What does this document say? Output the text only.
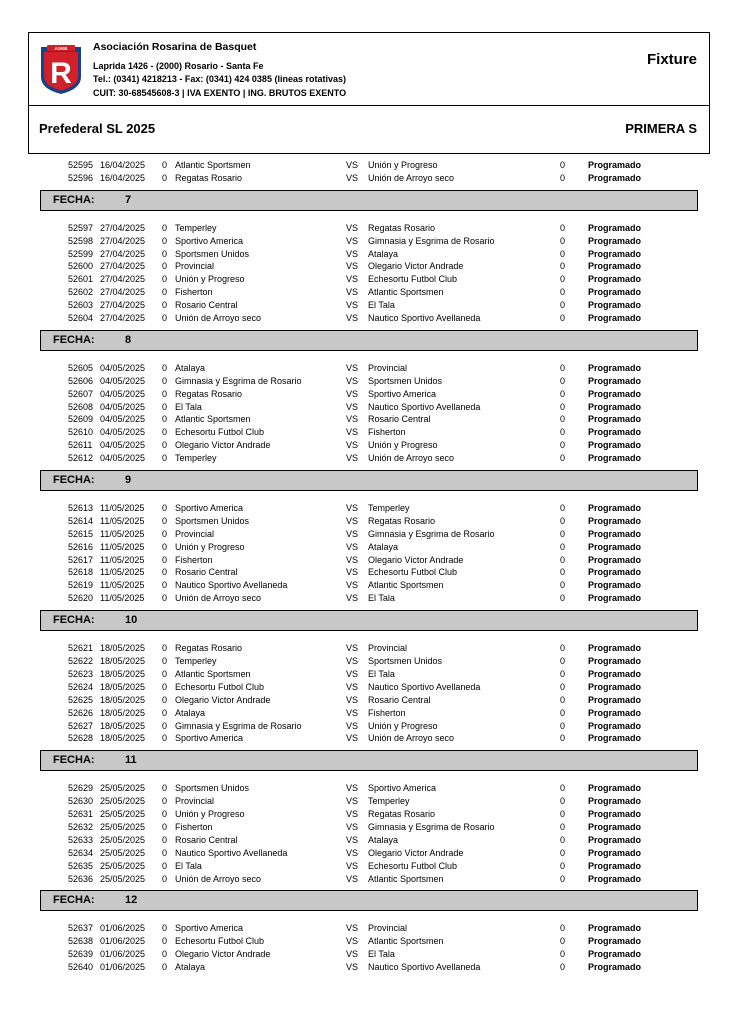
ASRB
R
Asociación Rosarina de Basquet
Laprida 1426 - (2000) Rosario - Santa Fe
Tel.: (0341) 4218213 - Fax: (0341) 424 0385 (lineas rotativas)
CUIT: 30-68545608-3 | IVA EXENTO | ING. BRUTOS EXENTO
Fixture
Prefederal SL 2025	PRIMERA S
52595 16/04/2025 0 Atlantic Sportsmen	VS Unión y Progreso	0	Programado
52596 16/04/2025 0 Regatas Rosario	VS Unión de Arroyo seco	0	Programado
FECHA:	7
52597 27/04/2025 0 Temperley	VS Regatas Rosario	0	Programado
52598 27/04/2025 0 Sportivo America	VS Gimnasia y Esgrima de Rosario	0	Programado
52599 27/04/2025 0 Sportsmen Unidos	VS Atalaya	0	Programado
52600 27/04/2025 0 Provincial	VS Olegario Victor Andrade	0	Programado
52601 27/04/2025 0 Unión y Progreso	VS Echesortu Futbol Club	0	Programado
52602 27/04/2025 0 Fisherton	VS Atlantic Sportsmen	0	Programado
52603 27/04/2025 0 Rosario Central	VS El Tala	0	Programado
52604 27/04/2025 0 Unión de Arroyo seco	VS Nautico Sportivo Avellaneda	0	Programado
FECHA:	8
52605 04/05/2025 0 Atalaya	VS Provincial	0	Programado
52606 04/05/2025 0 Gimnasia y Esgrima de Rosario	VS Sportsmen Unidos	0	Programado
52607 04/05/2025 0 Regatas Rosario	VS Sportivo America	0	Programado
52608 04/05/2025 0 El Tala	VS Nautico Sportivo Avellaneda	0	Programado
52609 04/05/2025 0 Atlantic Sportsmen	VS Rosario Central	0	Programado
52610 04/05/2025 0 Echesortu Futbol Club	VS Fisherton	0	Programado
52611 04/05/2025 0 Olegario Victor Andrade	VS Unión y Progreso	0	Programado
52612 04/05/2025 0 Temperley	VS Unión de Arroyo seco	0	Programado
FECHA:	9
52613 11/05/2025 0 Sportivo America	VS Temperley	0	Programado
52614 11/05/2025 0 Sportsmen Unidos	VS Regatas Rosario	0	Programado
52615 11/05/2025 0 Provincial	VS Gimnasia y Esgrima de Rosario	0	Programado
52616 11/05/2025 0 Unión y Progreso	VS Atalaya	0	Programado
52617 11/05/2025 0 Fisherton	VS Olegario Victor Andrade	0	Programado
52618 11/05/2025 0 Rosario Central	VS Echesortu Futbol Club	0	Programado
52619 11/05/2025 0 Nautico Sportivo Avellaneda	VS Atlantic Sportsmen	0	Programado
52620 11/05/2025 0 Unión de Arroyo seco	VS El Tala	0	Programado
FECHA:	10
52621 18/05/2025 0 Regatas Rosario	VS Provincial	0	Programado
52622 18/05/2025 0 Temperley	VS Sportsmen Unidos	0	Programado
52623 18/05/2025 0 Atlantic Sportsmen	VS El Tala	0	Programado
52624 18/05/2025 0 Echesortu Futbol Club	VS Nautico Sportivo Avellaneda	0	Programado
52625 18/05/2025 0 Olegario Victor Andrade	VS Rosario Central	0	Programado
52626 18/05/2025 0 Atalaya	VS Fisherton	0	Programado
52627 18/05/2025 0 Gimnasia y Esgrima de Rosario	VS Unión y Progreso	0	Programado
52628 18/05/2025 0 Sportivo America	VS Unión de Arroyo seco	0	Programado
FECHA:	11
52629 25/05/2025 0 Sportsmen Unidos	VS Sportivo America	0	Programado
52630 25/05/2025 0 Provincial	VS Temperley	0	Programado
52631 25/05/2025 0 Unión y Progreso	VS Regatas Rosario	0	Programado
52632 25/05/2025 0 Fisherton	VS Gimnasia y Esgrima de Rosario	0	Programado
52633 25/05/2025 0 Rosario Central	VS Atalaya	0	Programado
52634 25/05/2025 0 Nautico Sportivo Avellaneda	VS Olegario Victor Andrade	0	Programado
52635 25/05/2025 0 El Tala	VS Echesortu Futbol Club	0	Programado
52636 25/05/2025 0 Unión de Arroyo seco	VS Atlantic Sportsmen	0	Programado
FECHA:	12
52637 01/06/2025 0 Sportivo America	VS Provincial	0	Programado
52638 01/06/2025 0 Echesortu Futbol Club	VS Atlantic Sportsmen	0	Programado
52639 01/06/2025 0 Olegario Victor Andrade	VS El Tala	0	Programado
52640 01/06/2025 0 Atalaya	VS Nautico Sportivo Avellaneda	0	Programado
